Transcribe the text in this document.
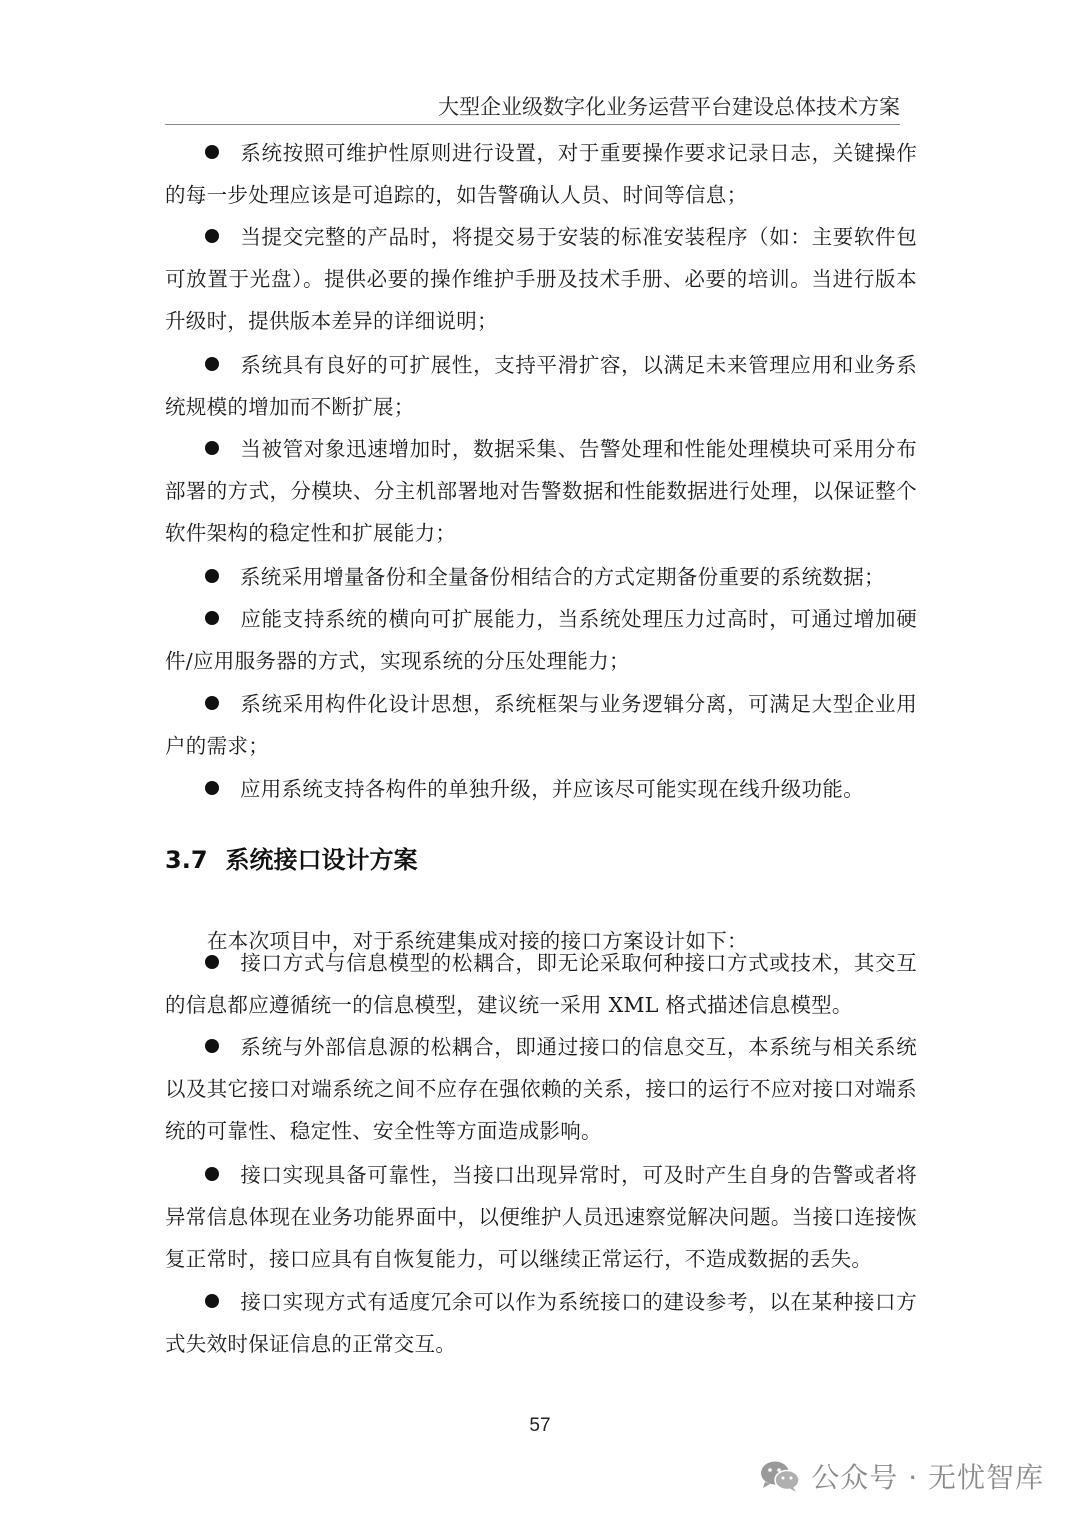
大型企业级数字化业务运营平台建设总体技术方案

系统按照可维护性原则进行设置，对于重要操作要求记录日志，关键操作的每一步处理应该是可追踪的，如告警确认人员、时间等信息；

当提交完整的产品时，将提交易于安装的标准安装程序（如：主要软件包可放置于光盘）。提供必要的操作维护手册及技术手册、必要的培训。当进行版本升级时，提供版本差异的详细说明；

系统具有良好的可扩展性，支持平滑扩容，以满足未来管理应用和业务系统规模的增加而不断扩展；

当被管对象迅速增加时，数据采集、告警处理和性能处理模块可采用分布部署的方式，分模块、分主机部署地对告警数据和性能数据进行处理，以保证整个软件架构的稳定性和扩展能力；

系统采用增量备份和全量备份相结合的方式定期备份重要的系统数据；

应能支持系统的横向可扩展能力，当系统处理压力过高时，可通过增加硬件/应用服务器的方式，实现系统的分压处理能力；

系统采用构件化设计思想，系统框架与业务逻辑分离，可满足大型企业用户的需求；

应用系统支持各构件的单独升级，并应该尽可能实现在线升级功能。

3.7 系统接口设计方案

在本次项目中，对于系统建集成对接的接口方案设计如下：

接口方式与信息模型的松耦合，即无论采取何种接口方式或技术，其交互的信息都应遵循统一的信息模型，建议统一采用 XML 格式描述信息模型。

系统与外部信息源的松耦合，即通过接口的信息交互，本系统与相关系统以及其它接口对端系统之间不应存在强依赖的关系，接口的运行不应对接口对端系统的可靠性、稳定性、安全性等方面造成影响。

接口实现具备可靠性，当接口出现异常时，可及时产生自身的告警或者将异常信息体现在业务功能界面中，以便维护人员迅速察觉解决问题。当接口连接恢复正常时，接口应具有自恢复能力，可以继续正常运行，不造成数据的丢失。

接口实现方式有适度冗余可以作为系统接口的建设参考，以在某种接口方式失效时保证信息的正常交互。

57
公众号 · 无忧智库
